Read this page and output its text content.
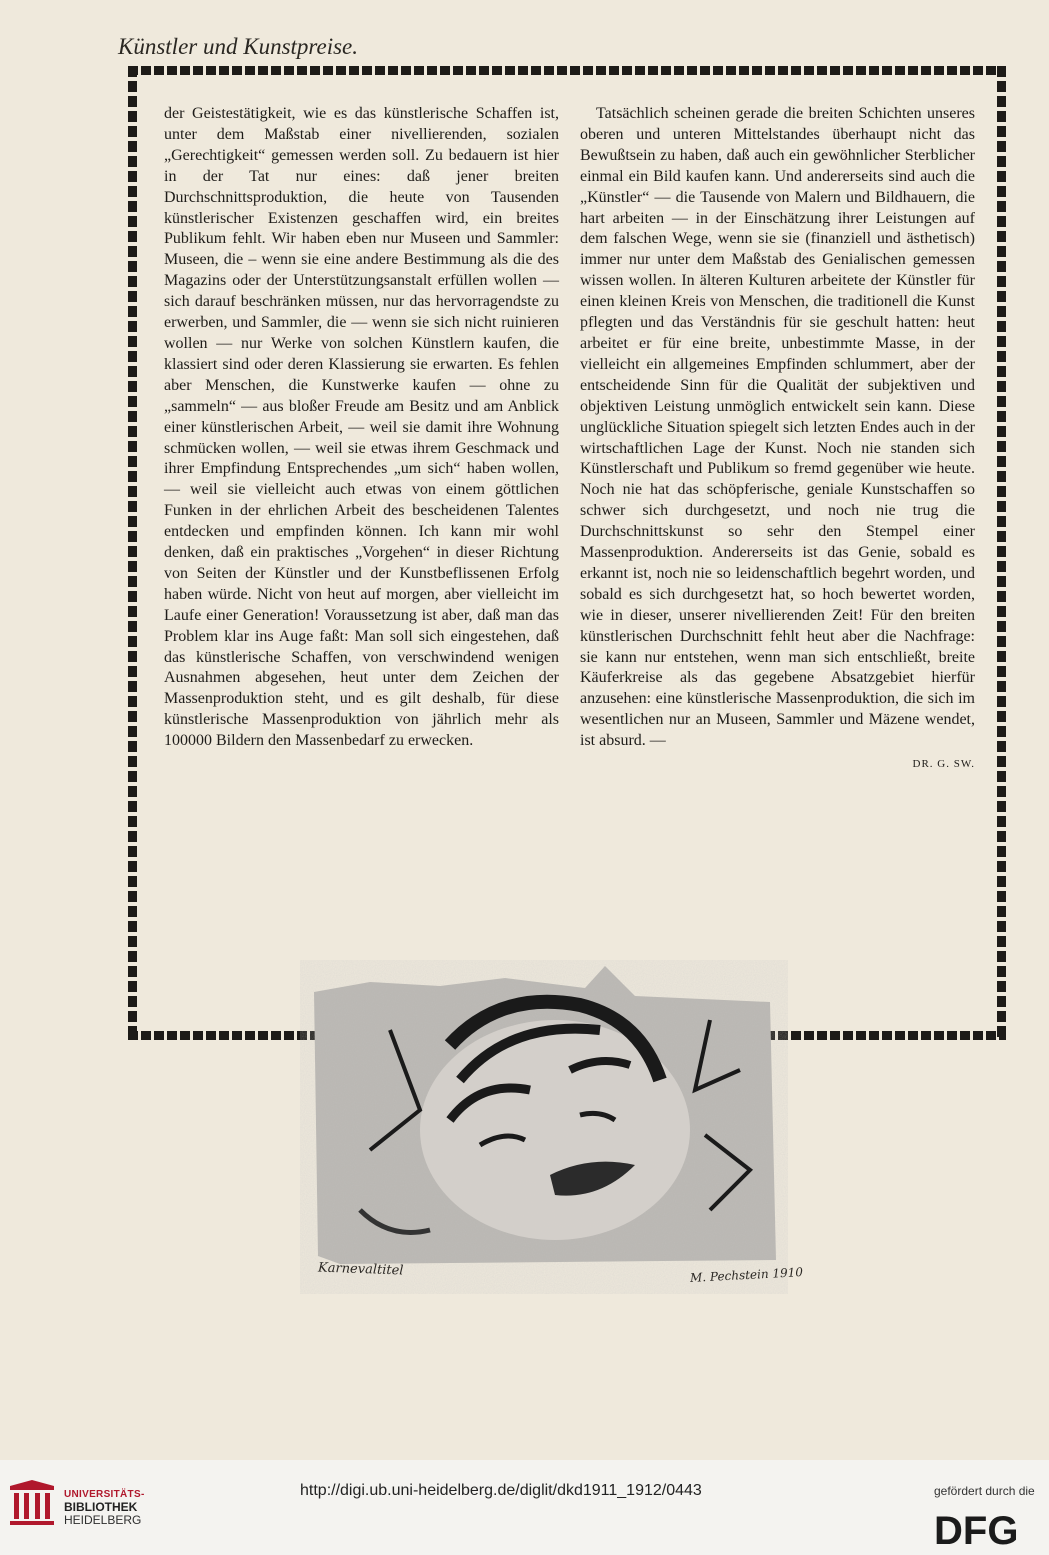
Künstler und Kunstpreise.

der Geistestätigkeit, wie es das künstlerische Schaffen ist, unter dem Maßstab einer nivellierenden, sozialen „Gerechtigkeit“ gemessen werden soll. Zu bedauern ist hier in der Tat nur eines: daß jener breiten Durchschnittsproduktion, die heute von Tausenden künstlerischer Existenzen geschaffen wird, ein breites Publikum fehlt. Wir haben eben nur Museen und Sammler: Museen, die – wenn sie eine andere Bestimmung als die des Magazins oder der Unterstützungsanstalt erfüllen wollen — sich darauf beschränken müssen, nur das hervorragendste zu erwerben, und Sammler, die — wenn sie sich nicht ruinieren wollen — nur Werke von solchen Künstlern kaufen, die klassiert sind oder deren Klassierung sie erwarten. Es fehlen aber Menschen, die Kunstwerke kaufen — ohne zu „sammeln“ — aus bloßer Freude am Besitz und am Anblick einer künstlerischen Arbeit, — weil sie damit ihre Wohnung schmücken wollen, — weil sie etwas ihrem Geschmack und ihrer Empfindung Entsprechendes „um sich“ haben wollen, — weil sie vielleicht auch etwas von einem göttlichen Funken in der ehrlichen Arbeit des bescheidenen Talentes entdecken und empfinden können. Ich kann mir wohl denken, daß ein praktisches „Vorgehen“ in dieser Richtung von Seiten der Künstler und der Kunstbeflissenen Erfolg haben würde. Nicht von heut auf morgen, aber vielleicht im Laufe einer Generation! Voraussetzung ist aber, daß man das Problem klar ins Auge faßt: Man soll sich eingestehen, daß das künstlerische Schaffen, von verschwindend wenigen Ausnahmen abgesehen, heut unter dem Zeichen der Massenproduktion steht, und es gilt deshalb, für diese künstlerische Massenproduktion von jährlich mehr als 100000 Bildern den Massenbedarf zu erwecken.

Tatsächlich scheinen gerade die breiten Schichten unseres oberen und unteren Mittelstandes überhaupt nicht das Bewußtsein zu haben, daß auch ein gewöhnlicher Sterblicher einmal ein Bild kaufen kann. Und andererseits sind auch die „Künstler“ — die Tausende von Malern und Bildhauern, die hart arbeiten — in der Einschätzung ihrer Leistungen auf dem falschen Wege, wenn sie sie (finanziell und ästhetisch) immer nur unter dem Maßstab des Genialischen gemessen wissen wollen. In älteren Kulturen arbeitete der Künstler für einen kleinen Kreis von Menschen, die traditionell die Kunst pflegten und das Verständnis für sie geschult hatten: heut arbeitet er für eine breite, unbestimmte Masse, in der vielleicht ein allgemeines Empfinden schlummert, aber der entscheidende Sinn für die Qualität der subjektiven und objektiven Leistung unmöglich entwickelt sein kann. Diese unglückliche Situation spiegelt sich letzten Endes auch in der wirtschaftlichen Lage der Kunst. Noch nie standen sich Künstlerschaft und Publikum so fremd gegenüber wie heute. Noch nie hat das schöpferische, geniale Kunstschaffen so schwer sich durchgesetzt, und noch nie trug die Durchschnittskunst so sehr den Stempel einer Massenproduktion. Andererseits ist das Genie, sobald es erkannt ist, noch nie so leidenschaftlich begehrt worden, und sobald es sich durchgesetzt hat, so hoch bewertet worden, wie in dieser, unserer nivellierenden Zeit! Für den breiten künstlerischen Durchschnitt fehlt heut aber die Nachfrage: sie kann nur entstehen, wenn man sich entschließt, breite Käuferkreise als das gegebene Absatzgebiet hierfür anzusehen: eine künstlerische Massenproduktion, die sich im wesentlichen nur an Museen, Sammler und Mäzene wendet, ist absurd. —

DR. G. SW.
Karnevaltitel	M. Pechstein 1910
UNIVERSITÄTS-
BIBLIOTHEK
HEIDELBERG
http://digi.ub.uni-heidelberg.de/diglit/dkd1911_1912/0443	gefördert durch die
DFG
